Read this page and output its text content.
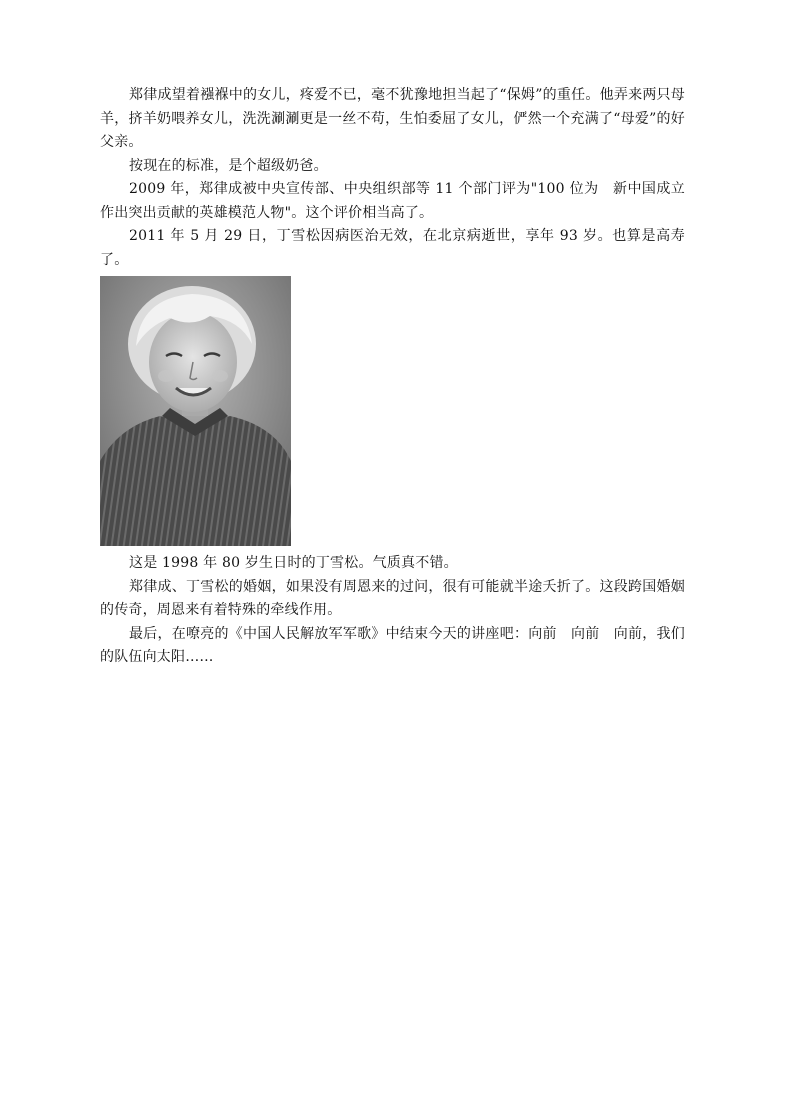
郑律成望着襁褓中的女儿，疼爱不已，毫不犹豫地担当起了“保姆”的重任。他弄来两只母羊，挤羊奶喂养女儿，洗洗涮涮更是一丝不苟，生怕委屈了女儿，俨然一个充满了“母爱”的好父亲。

按现在的标准，是个超级奶爸。

2009 年，郑律成被中央宣传部、中央组织部等 11 个部门评为"100 位为　新中国成立作出突出贡献的英雄模范人物"。这个评价相当高了。

2011 年 5 月 29 日，丁雪松因病医治无效，在北京病逝世，享年 93 岁。也算是高寿了。

这是 1998 年 80 岁生日时的丁雪松。气质真不错。

郑律成、丁雪松的婚姻，如果没有周恩来的过问，很有可能就半途夭折了。这段跨国婚姻的传奇，周恩来有着特殊的牵线作用。

最后，在嘹亮的《中国人民解放军军歌》中结束今天的讲座吧：向前　向前　向前，我们的队伍向太阳……
